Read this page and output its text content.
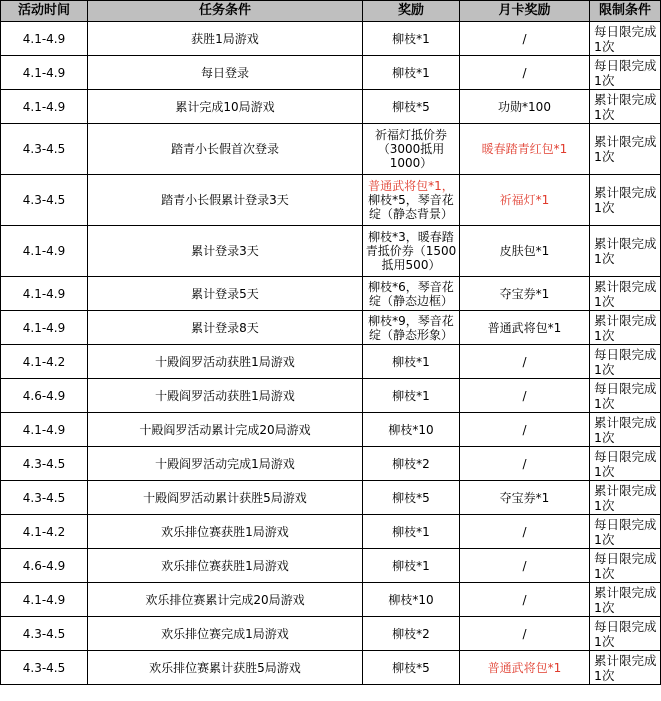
活动时间	任务条件	奖励	月卡奖励	限制条件
4.1-4.9	获胜1局游戏	柳枝*1	/	每日限完成1次
4.1-4.9	每日登录	柳枝*1	/	每日限完成1次
4.1-4.9	累计完成10局游戏	柳枝*5	功勋*100	累计限完成1次
4.3-4.5	踏青小长假首次登录	祈福灯抵价券（3000抵用1000）	暖春踏青红包*1	累计限完成1次
4.3-4.5	踏青小长假累计登录3天	普通武将包*1，柳枝*5，琴音花绽（静态背景）	祈福灯*1	累计限完成1次
4.1-4.9	累计登录3天	柳枝*3，暖春踏青抵价券（1500抵用500）	皮肤包*1	累计限完成1次
4.1-4.9	累计登录5天	柳枝*6，琴音花绽（静态边框）	夺宝券*1	累计限完成1次
4.1-4.9	累计登录8天	柳枝*9，琴音花绽（静态形象）	普通武将包*1	累计限完成1次
4.1-4.2	十殿阎罗活动获胜1局游戏	柳枝*1	/	每日限完成1次
4.6-4.9	十殿阎罗活动获胜1局游戏	柳枝*1	/	每日限完成1次
4.1-4.9	十殿阎罗活动累计完成20局游戏	柳枝*10	/	累计限完成1次
4.3-4.5	十殿阎罗活动完成1局游戏	柳枝*2	/	每日限完成1次
4.3-4.5	十殿阎罗活动累计获胜5局游戏	柳枝*5	夺宝券*1	累计限完成1次
4.1-4.2	欢乐排位赛获胜1局游戏	柳枝*1	/	每日限完成1次
4.6-4.9	欢乐排位赛获胜1局游戏	柳枝*1	/	每日限完成1次
4.1-4.9	欢乐排位赛累计完成20局游戏	柳枝*10	/	累计限完成1次
4.3-4.5	欢乐排位赛完成1局游戏	柳枝*2	/	每日限完成1次
4.3-4.5	欢乐排位赛累计获胜5局游戏	柳枝*5	普通武将包*1	累计限完成1次
